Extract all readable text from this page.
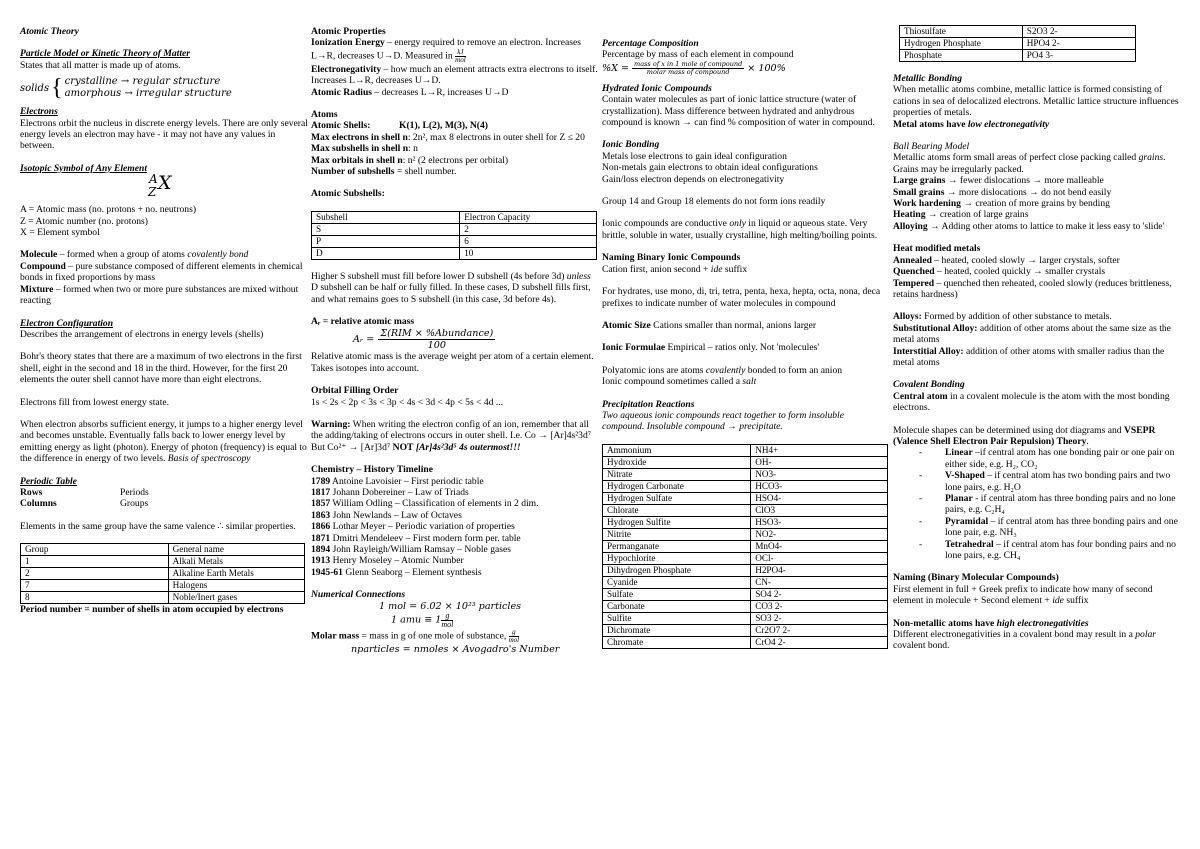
Atomic Theory

Particle Model or Kinetic Theory of Matter

States that all matter is made up of atoms.

solids { crystalline → regular structure
amorphous → irregular structure

Electrons

Electrons orbit the nucleus in discrete energy levels. There are only several energy levels an electron may have - it may not have any values in between.

Isotopic Symbol of Any Element

A
Z X

A = Atomic mass (no. protons + no. neutrons)

Z = Atomic number (no. protons)

X = Element symbol

Molecule – formed when a group of atoms covalently bond

Compound – pure substance composed of different elements in chemical bonds in fixed proportions by mass

Mixture – formed when two or more pure substances are mixed without reacting

Electron Configuration

Describes the arrangement of electrons in energy levels (shells)

Bohr's theory states that there are a maximum of two electrons in the first shell, eight in the second and 18 in the third. However, for the first 20 elements the outer shell cannot have more than eight electrons.

Electrons fill from lowest energy state.

When electron absorbs sufficient energy, it jumps to a higher energy level and becomes unstable. Eventually falls back to lower energy level by emitting energy as light (photon). Energy of photon (frequency) is equal to the difference in energy of two levels. Basis of spectroscopy

Periodic Table

Rows	Periods

Columns	Groups

Elements in the same group have the same valence ∴ similar properties.

Group	General name
1	Alkali Metals
2	Alkaline Earth Metals
7	Halogens
8	Noble/Inert gases

Period number = number of shells in atom occupied by electrons

Atomic Properties

Ionization Energy – energy required to remove an electron. Increases L→R, decreases U→D. Measured in kJ
mol

Electronegativity – how much an element attracts extra electrons to itself. Increases L→R, decreases U→D.

Atomic Radius – decreases L→R, increases U→D

Atoms

Atomic Shells:	K(1), L(2), M(3), N(4)

Max electrons in shell n: 2n², max 8 electrons in outer shell for Z ≤ 20

Max subshells in shell n: n

Max orbitals in shell n: n² (2 electrons per orbital)

Number of subshells = shell number.

Atomic Subshells:

Subshell	Electron Capacity
S	2
P	6
D	10

Higher S subshell must fill before lower D subshell (4s before 3d) unless D subshell can be half or fully filled. In these cases, D subshell fills first, and what remains goes to S subshell (in this case, 3d before 4s).

Aᵣ = relative atomic mass

Aᵣ =
Σ(RIM × %Abundance)
100

Relative atomic mass is the average weight per atom of a certain element. Takes isotopes into account.

Orbital Filling Order

1s < 2s < 2p < 3s < 3p < 4s < 3d < 4p < 5s < 4d ...

Warning: When writing the electron config of an ion, remember that all the adding/taking of electrons occurs in outer shell. I.e. Co → [Ar]4s²3d⁷

But Co²⁺ → [Ar]3d⁷ NOT [Ar]4s²3d⁵ 4s outermost!!!

Chemistry – History Timeline

1789 Antoine Lavoisier – First periodic table

1817 Johann Dobereiner – Law of Triads

1857 William Odling – Classification of elements in 2 dim.

1863 John Newlands – Law of Octaves

1866 Lothar Meyer – Periodic variation of properties

1871 Dmitri Mendeleev – First modern form per. table

1894 John Rayleigh/William Ramsay – Noble gases

1913 Henry Moseley – Atomic Number

1945-61 Glenn Seaborg – Element synthesis

Numerical Connections

1 mol = 6.02 × 10²³ particles

1 amu ≡ 1 g
mol

Molar mass = mass in g of one mole of substance, g
mol

nparticles = nmoles × Avogadro's Number

Percentage Composition

Percentage by mass of each element in compound

%X = mass of x in 1 mole of compound
molar mass of compound	× 100%

Hydrated Ionic Compounds

Contain water molecules as part of ionic lattice structure (water of crystallization). Mass difference between hydrated and anhydrous compound is known → can find % composition of water in compound.

Ionic Bonding

Metals lose electrons to gain ideal configuration

Non-metals gain electrons to obtain ideal configurations

Gain/loss electron depends on electronegativity

Group 14 and Group 18 elements do not form ions readily

Ionic compounds are conductive only in liquid or aqueous state. Very brittle, soluble in water, usually crystalline, high melting/boiling points.

Naming Binary Ionic Compounds

Cation first, anion second + ide suffix

For hydrates, use mono, di, tri, tetra, penta, hexa, hepta, octa, nona, deca prefixes to indicate number of water molecules in compound

Atomic Size Cations smaller than normal, anions larger

Ionic Formulae Empirical – ratios only. Not 'molecules'

Polyatomic ions are atoms covalently bonded to form an anion

Ionic compound sometimes called a salt

Precipitation Reactions

Two aqueous ionic compounds react together to form insoluble compound. Insoluble compound → precipitate.

Ammonium	NH4+
Hydroxide	OH-
Nitrate	NO3-
Hydrogen Carbonate	HCO3-
Hydrogen Sulfate	HSO4-
Chlorate	ClO3
Hydrogen Sulfite	HSO3-
Nitrite	NO2-
Permanganate	MnO4-
Hypochlorite	OCl-
Dihydrogen Phosphate	H2PO4-
Cyanide	CN-
Sulfate	SO4 2-
Carbonate	CO3 2-
Sulfite	SO3 2-
Dichromate	Cr2O7 2-
Chromate	CrO4 2-
Thiosulfate	S2O3 2-
Hydrogen Phosphate	HPO4 2-
Phosphate	PO4 3-

Metallic Bonding

When metallic atoms combine, metallic lattice is formed consisting of cations in sea of delocalized electrons. Metallic lattice structure influences properties of metals.

Metal atoms have low electronegativity

Ball Bearing Model

Metallic atoms form small areas of perfect close packing called grains. Grains may be irregularly packed.

Large grains → fewer dislocations → more malleable

Small grains → more dislocations → do not bend easily

Work hardening → creation of more grains by bending

Heating → creation of large grains

Alloying → Adding other atoms to lattice to make it less easy to 'slide'

Heat modified metals

Annealed – heated, cooled slowly → larger crystals, softer

Quenched – heated, cooled quickly → smaller crystals

Tempered – quenched then reheated, cooled slowly (reduces brittleness, retains hardness)

Alloys: Formed by addition of other substance to metals.

Substitutional Alloy: addition of other atoms about the same size as the metal atoms

Interstitial Alloy: addition of other atoms with smaller radius than the metal atoms

Covalent Bonding

Central atom in a covalent molecule is the atom with the most bonding electrons.

Molecule shapes can be determined using dot diagrams and VSEPR (Valence Shell Electron Pair Repulsion) Theory.

- Linear –if central atom has one bonding pair or one pair on either side, e.g. H₂, CO₂
- V-Shaped – if central atom has two bonding pairs and two lone pairs, e.g. H₂O
- Planar - if central atom has three bonding pairs and no lone pairs, e.g. C₂H₄
- Pyramidal – if central atom has three bonding pairs and one lone pair, e.g. NH₃
- Tetrahedral – if central atom has four bonding pairs and no lone pairs, e.g. CH₄

Naming (Binary Molecular Compounds)

First element in full + Greek prefix to indicate how many of second element in molecule + Second element + ide suffix

Non-metallic atoms have high electronegativities

Different electronegativities in a covalent bond may result in a polar covalent bond.
